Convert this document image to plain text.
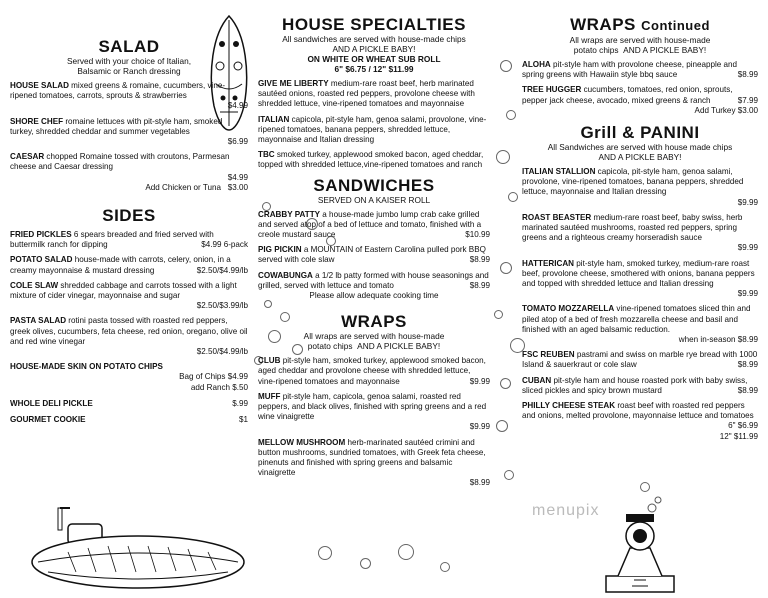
SALAD
Served with your choice of Italian,
Balsamic or Ranch dressing
HOUSE SALAD mixed greens & romaine, cucumbers, vine-ripened tomatoes, carrots, sprouts & strawberries
$4.99
SHORE CHEF romaine lettuces with pit-style ham, smoked turkey, shredded cheddar and summer vegetables
$6.99
CAESAR chopped Romaine tossed with croutons, Parmesan cheese and Caesar dressing
$4.99
Add Chicken or Tuna $3.00
SIDES
FRIED PICKLES 6 spears breaded and fried served with buttermilk ranch for dipping	$4.99 6-pack
POTATO SALAD house-made with carrots, celery, onion, in a creamy mayonnaise & mustard dressing	$2.50/$4.99/lb
COLE SLAW shredded cabbage and carrots tossed with a light mixture of cider vinegar, mayonnaise and sugar
$2.50/$3.99/lb
PASTA SALAD rotini pasta tossed with roasted red peppers, greek olives, cucumbers, feta cheese, red onion, oregano, olive oil and red wine vinegar
$2.50/$4.99/lb
HOUSE-MADE SKIN ON POTATO CHIPS
Bag of Chips $4.99
add Ranch $.50
WHOLE DELI PICKLE	$.99
GOURMET COOKIE	$1
HOUSE SPECIALTIES
All sandwiches are served with house-made chips
AND A PICKLE BABY!
ON WHITE OR WHEAT SUB ROLL
6" $6.75 / 12" $11.99
GIVE ME LIBERTY medium-rare roast beef, herb marinated sautéed onions, roasted red peppers, provolone cheese with shredded lettuce, vine-ripened tomatoes and mayonnaise
ITALIAN capicola, pit-style ham, genoa salami, provolone, vine-ripened tomatoes, banana peppers, shredded lettuce, mayonnaise and Italian dressing
TBC smoked turkey, applewood smoked bacon, aged cheddar, topped with shredded lettuce,vine-ripened tomatoes and ranch
SANDWICHES
SERVED ON A KAISER ROLL
CRABBY PATTY a house-made jumbo lump crab cake grilled and served atop of a bed of lettuce and tomato, finished with a creole mustard sauce	$10.99
PIG PICKIN a MOUNTAIN of Eastern Carolina pulled pork BBQ served with cole slaw	$8.99
COWABUNGA a 1/2 lb patty formed with house seasonings and grilled, served with lettuce and tomato	$8.99
Please allow adequate cooking time
WRAPS
All wraps are served with house-made
potato chips AND A PICKLE BABY!
CLUB pit-style ham, smoked turkey, applewood smoked bacon, aged cheddar and provolone cheese with shredded lettuce, vine-ripened tomatoes and mayonnaise	$9.99
MUFF pit-style ham, capicola, genoa salami, roasted red peppers, and black olives, finished with spring greens and a red wine vinaigrette
$9.99
MELLOW MUSHROOM herb-marinated sautéed crimini and button mushrooms, sundried tomatoes, with Greek feta cheese, pinenuts and finished with spring greens and balsamic vinaigrette
$8.99
WRAPS Continued
All wraps are served with house-made
potato chips AND A PICKLE BABY!
ALOHA pit-style ham with provolone cheese, pineapple and spring greens with Hawaiin style bbq sauce	$8.99
TREE HUGGER cucumbers, tomatoes, red onion, sprouts, pepper jack cheese, avocado, mixed greens & ranch	$7.99
Add Turkey $3.00
Grill & PANINI
All Sandwiches are served with house made chips
AND A PICKLE BABY!
ITALIAN STALLION capicola, pit-style ham, genoa salami, provolone, vine-ripened tomatoes, banana peppers, shredded lettuce, mayonnaise and Italian dressing
$9.99
ROAST BEASTER medium-rare roast beef, baby swiss, herb marinated sautéed mushrooms, roasted red peppers, spring greens and a righteous creamy horseradish sauce
$9.99
HATTERICAN pit-style ham, smoked turkey, medium-rare roast beef, provolone cheese, smothered with onions, banana peppers and topped with shredded lettuce and Italian dressing
$9.99
TOMATO MOZZARELLA vine-ripened tomatoes sliced thin and piled atop of a bed of fresh mozzarella cheese and basil and finished with an aged balsamic reduction.
when in-season $8.99
FSC REUBEN pastrami and swiss on marble rye bread with 1000 Island & sauerkraut or cole slaw	$8.99
CUBAN pit-style ham and house roasted pork with baby swiss, sliced pickles and spicy brown mustard	$8.99
PHILLY CHEESE STEAK roast beef with roasted red peppers and onions, melted provolone, mayonnaise lettuce and tomatoes
6" $6.99
12" $11.99
menupix
